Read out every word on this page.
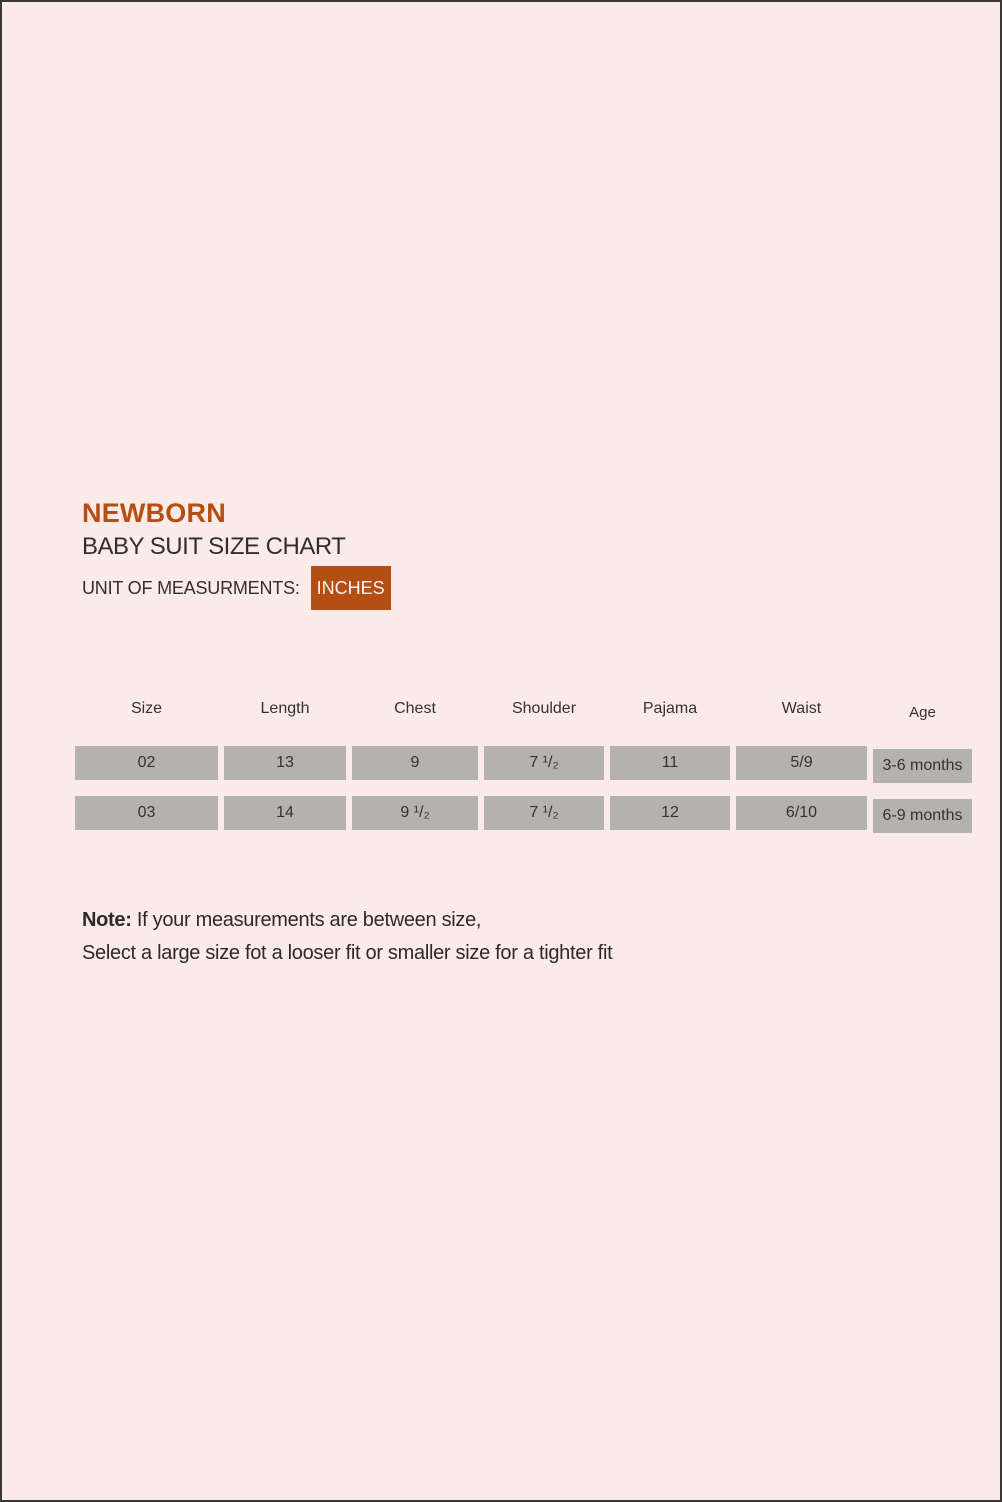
NEWBORN
BABY SUIT SIZE CHART
UNIT OF MEASURMENTS: INCHES
Size	Length	Chest	Shoulder	Pajama	Waist	Age
02	13	9	7 ¹/₂	11	5/9	3-6 months
03	14	9 ¹/₂	7 ¹/₂	12	6/10	6-9 months
Note: If your measurements are between size,
Select a large size fot a looser fit or smaller size for a tighter fit
